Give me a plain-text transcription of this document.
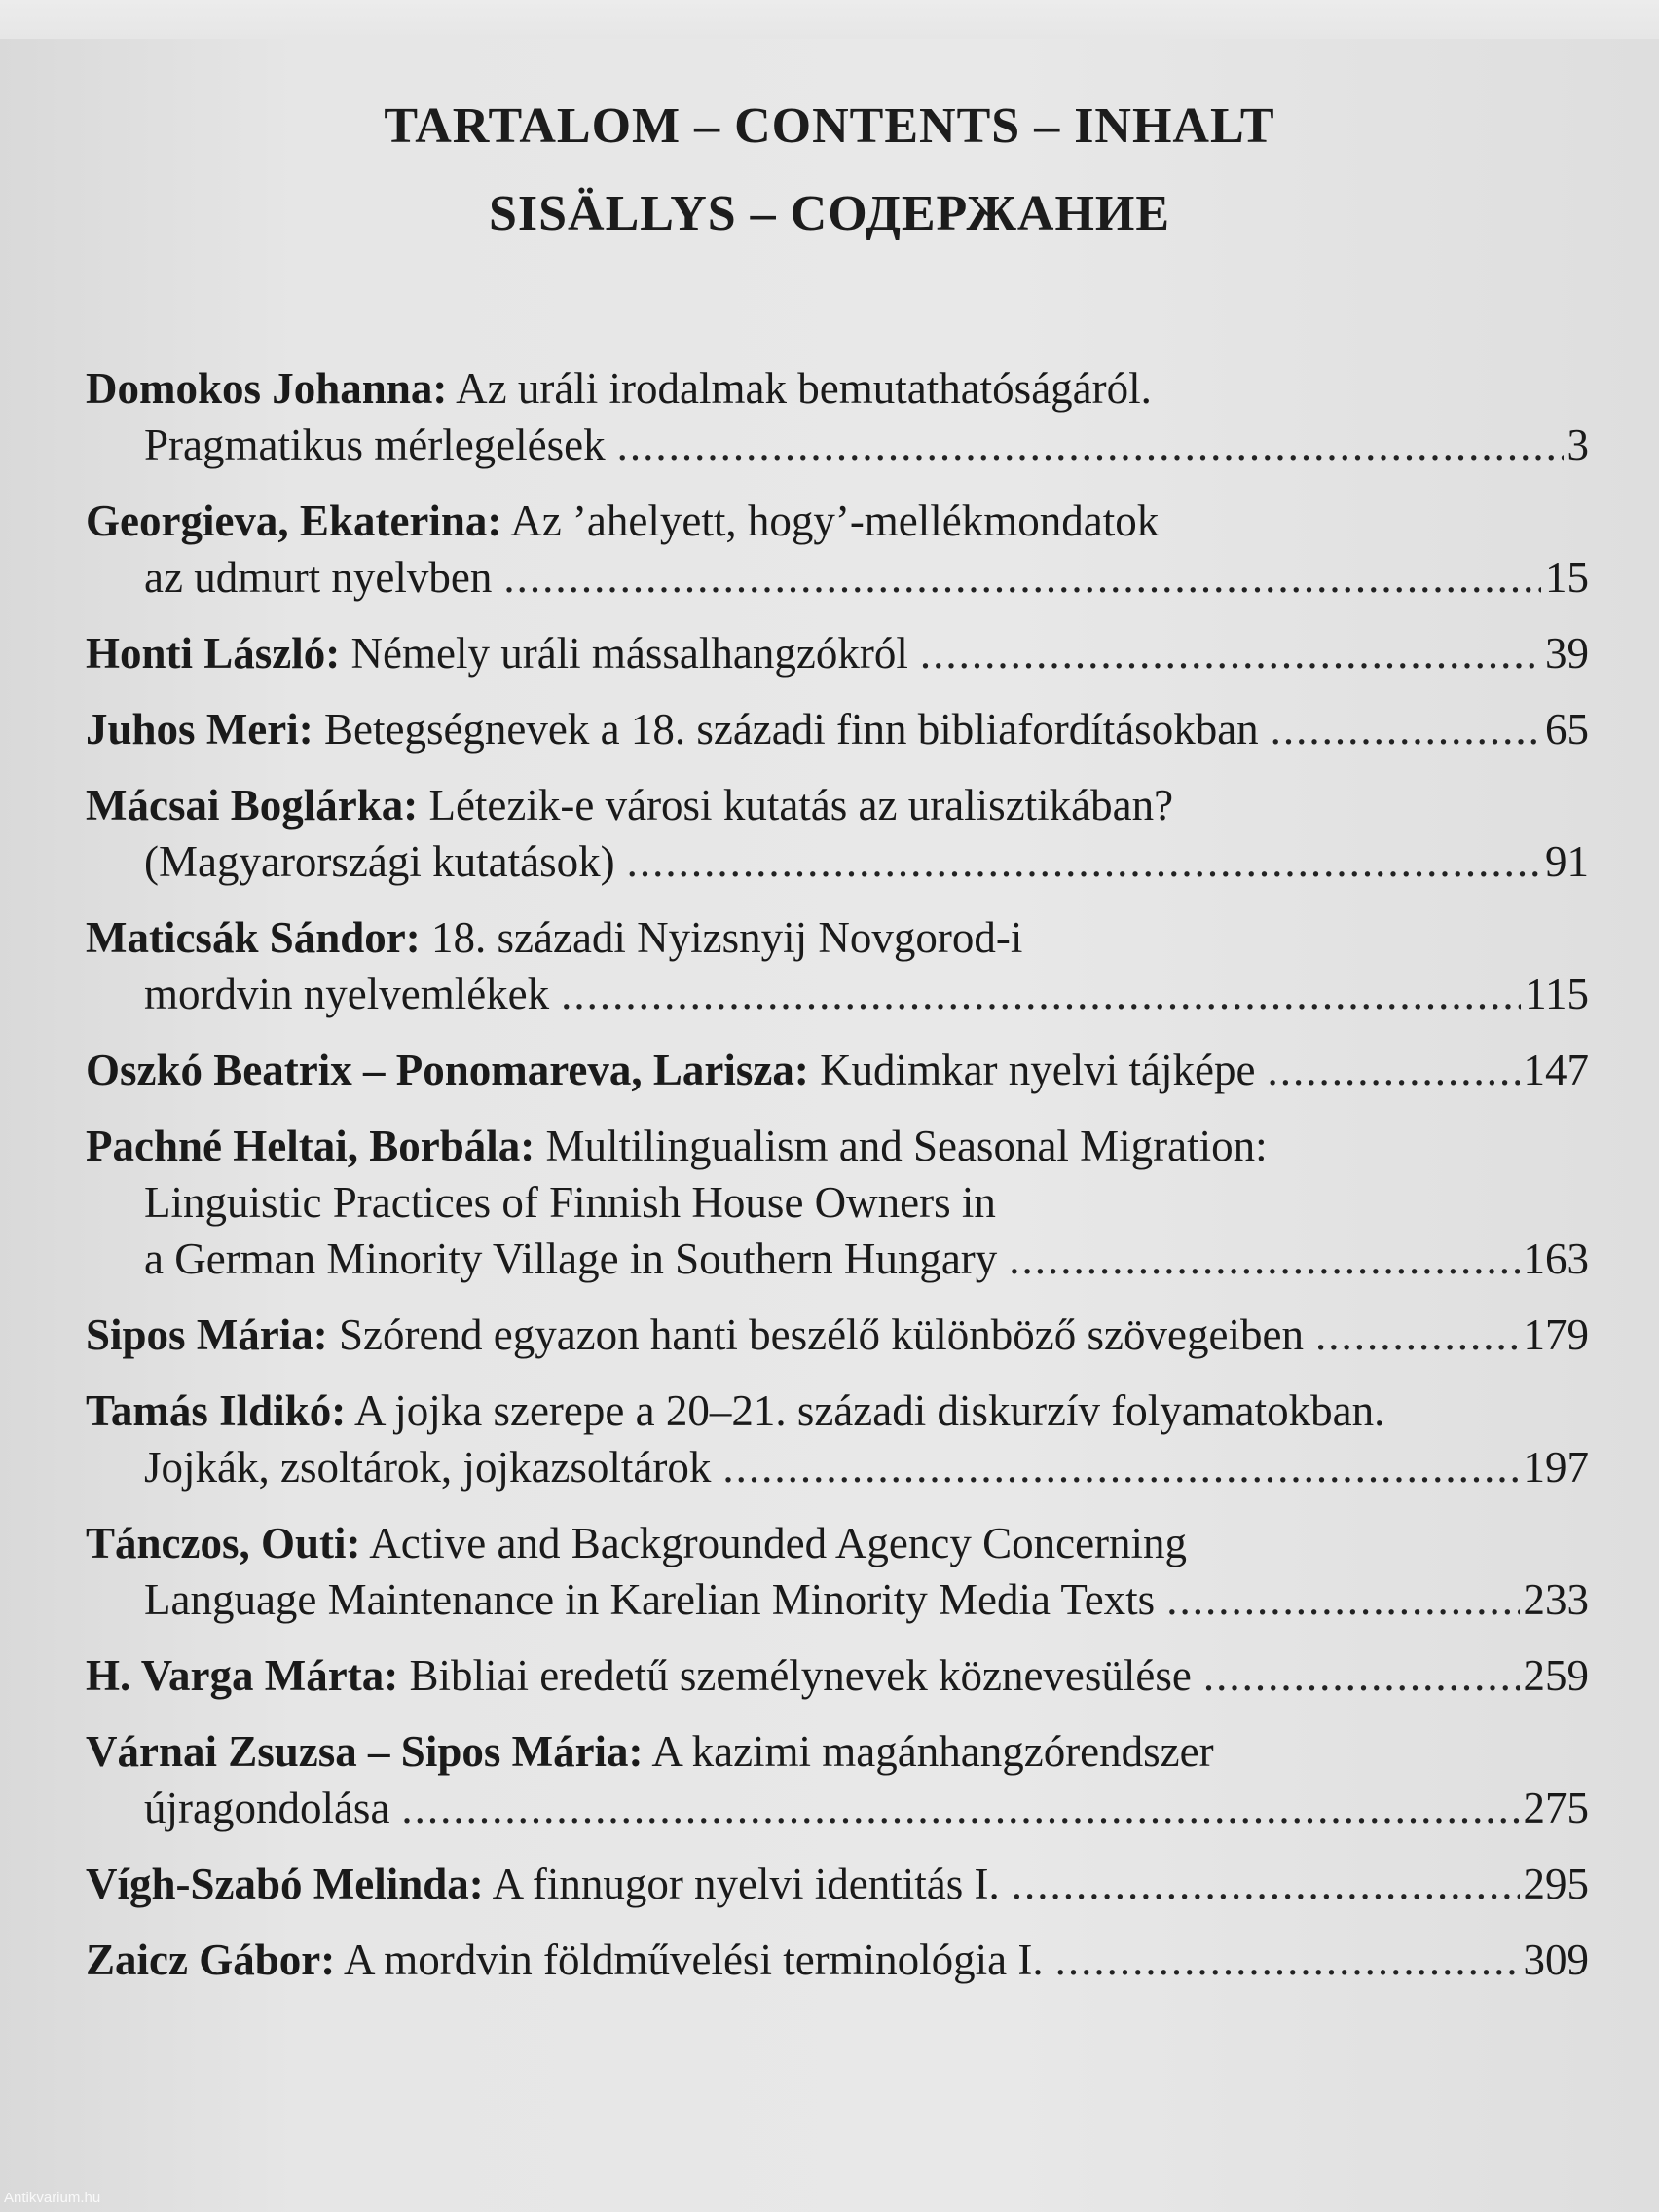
TARTALOM – CONTENTS – INHALT
SISÄLLYS – СОДЕРЖАНИЕ
Domokos Johanna: Az uráli irodalmak bemutathatóságáról.
Pragmatikus mérlegelések .....	3
Georgieva, Ekaterina: Az ’ahelyett, hogy’-mellékmondatok
az udmurt nyelvben .....	15
Honti László: Némely uráli mássalhangzókról .....	39
Juhos Meri: Betegségnevek a 18. századi finn bibliafordításokban .....	65
Mácsai Boglárka: Létezik-e városi kutatás az uralisztikában?
(Magyarországi kutatások) .....	91
Maticsák Sándor: 18. századi Nyizsnyij Novgorod-i
mordvin nyelvemlékek .....	115
Oszkó Beatrix – Ponomareva, Larisza: Kudimkar nyelvi tájképe .....	147
Pachné Heltai, Borbála: Multilingualism and Seasonal Migration:
Linguistic Practices of Finnish House Owners in
a German Minority Village in Southern Hungary .....	163
Sipos Mária: Szórend egyazon hanti beszélő különböző szövegeiben .....	179
Tamás Ildikó: A jojka szerepe a 20–21. századi diskurzív folyamatokban.
Jojkák, zsoltárok, jojkazsoltárok .....	197
Tánczos, Outi: Active and Backgrounded Agency Concerning
Language Maintenance in Karelian Minority Media Texts .....	233
H. Varga Márta: Bibliai eredetű személynevek köznevesülése .....	259
Várnai Zsuzsa – Sipos Mária: A kazimi magánhangzórendszer
újragondolása .....	275
Vígh-Szabó Melinda: A finnugor nyelvi identitás I. .....	295
Zaicz Gábor: A mordvin földművelési terminológia I. .....	309
Antikvarium.hu
